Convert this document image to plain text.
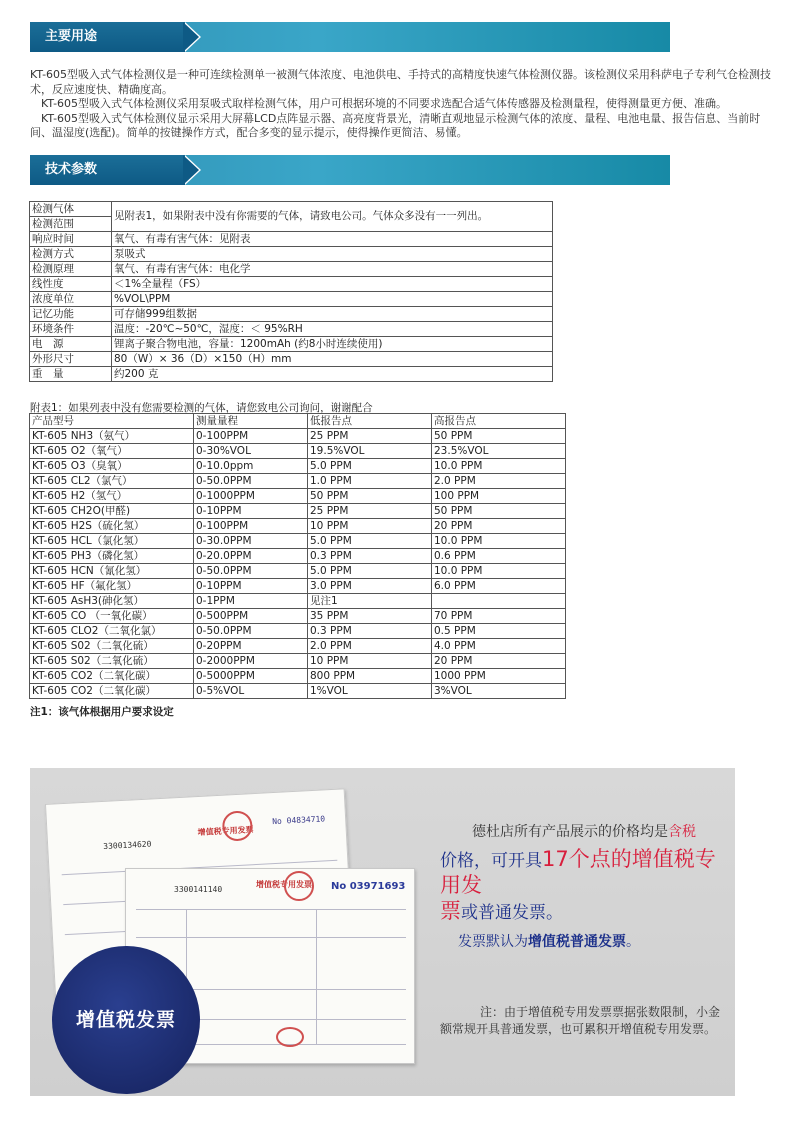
主要用途

KT-605型吸入式气体检测仪是一种可连续检测单一被测气体浓度、电池供电、手持式的高精度快速气体检测仪器。该检测仪采用科萨电子专利气仓检测技术，反应速度快、精确度高。

KT-605型吸入式气体检测仪采用泵吸式取样检测气体，用户可根据环境的不同要求选配合适气体传感器及检测量程，使得测量更方便、准确。

KT-605型吸入式气体检测仪显示采用大屏幕LCD点阵显示器、高亮度背景光，清晰直观地显示检测气体的浓度、量程、电池电量、报告信息、当前时间、温湿度(选配)。简单的按键操作方式，配合多变的显示提示，使得操作更简洁、易懂。

技术参数
检测气体	见附表1，如果附表中没有你需要的气体，请致电公司。气体众多没有一一列出。
检测范围	
响应时间	氧气、有毒有害气体：见附表
检测方式	泵吸式
检测原理	氧气、有毒有害气体：电化学
线性度	＜1%全量程（FS）
浓度单位	%VOL\PPM
记忆功能	可存储999组数据
环境条件	温度：-20℃~50℃，湿度：＜ 95%RH
电　源	锂离子聚合物电池，容量：1200mAh (约8小时连续使用)
外形尺寸	80（W）× 36（D）×150（H）mm
重　量	约200 克
附表1：如果列表中没有您需要检测的气体，请您致电公司询问，谢谢配合
产品型号	测量量程	低报告点	高报告点
KT-605 NH3（氨气）	0-100PPM	25 PPM	50 PPM
KT-605 O2（氧气）	0-30%VOL	19.5%VOL	23.5%VOL
KT-605 O3（臭氧）	0-10.0ppm	5.0 PPM	10.0 PPM
KT-605 CL2（氯气）	0-50.0PPM	1.0 PPM	2.0 PPM
KT-605 H2（氢气）	0-1000PPM	50 PPM	100 PPM
KT-605 CH2O(甲醛)	0-10PPM	25 PPM	50 PPM
KT-605 H2S（硫化氢）	0-100PPM	10 PPM	20 PPM
KT-605 HCL（氯化氢）	0-30.0PPM	5.0 PPM	10.0 PPM
KT-605 PH3（磷化氢）	0-20.0PPM	0.3 PPM	0.6 PPM
KT-605 HCN（氰化氢）	0-50.0PPM	5.0 PPM	10.0 PPM
KT-605 HF（氟化氢）	0-10PPM	3.0 PPM	6.0 PPM
KT-605 AsH3(砷化氢）	0-1PPM	见注1	
KT-605 CO （一氧化碳）	0-500PPM	35 PPM	70 PPM
KT-605 CLO2（二氧化氯）	0-50.0PPM	0.3 PPM	0.5 PPM
KT-605 S02（二氧化硫）	0-20PPM	2.0 PPM	4.0 PPM
KT-605 S02（二氧化硫）	0-2000PPM	10 PPM	20 PPM
KT-605 CO2（二氧化碳）	0-5000PPM	800 PPM	1000 PPM
KT-605 CO2（二氧化碳）	0-5%VOL	1%VOL	3%VOL
注1：该气体根据用户要求设定
3300134620
增值税专用发票
No 04834710
3300141140
增值税专用发票 No 03971693
增值税发票
德杜店所有产品展示的价格均是含税
价格，可开具17个点的增值税专用发
票或普通发票。
发票默认为增值税普通发票。
注：由于增值税专用发票票据张数限制，小金额常规开具普通发票，也可累积开增值税专用发票。
